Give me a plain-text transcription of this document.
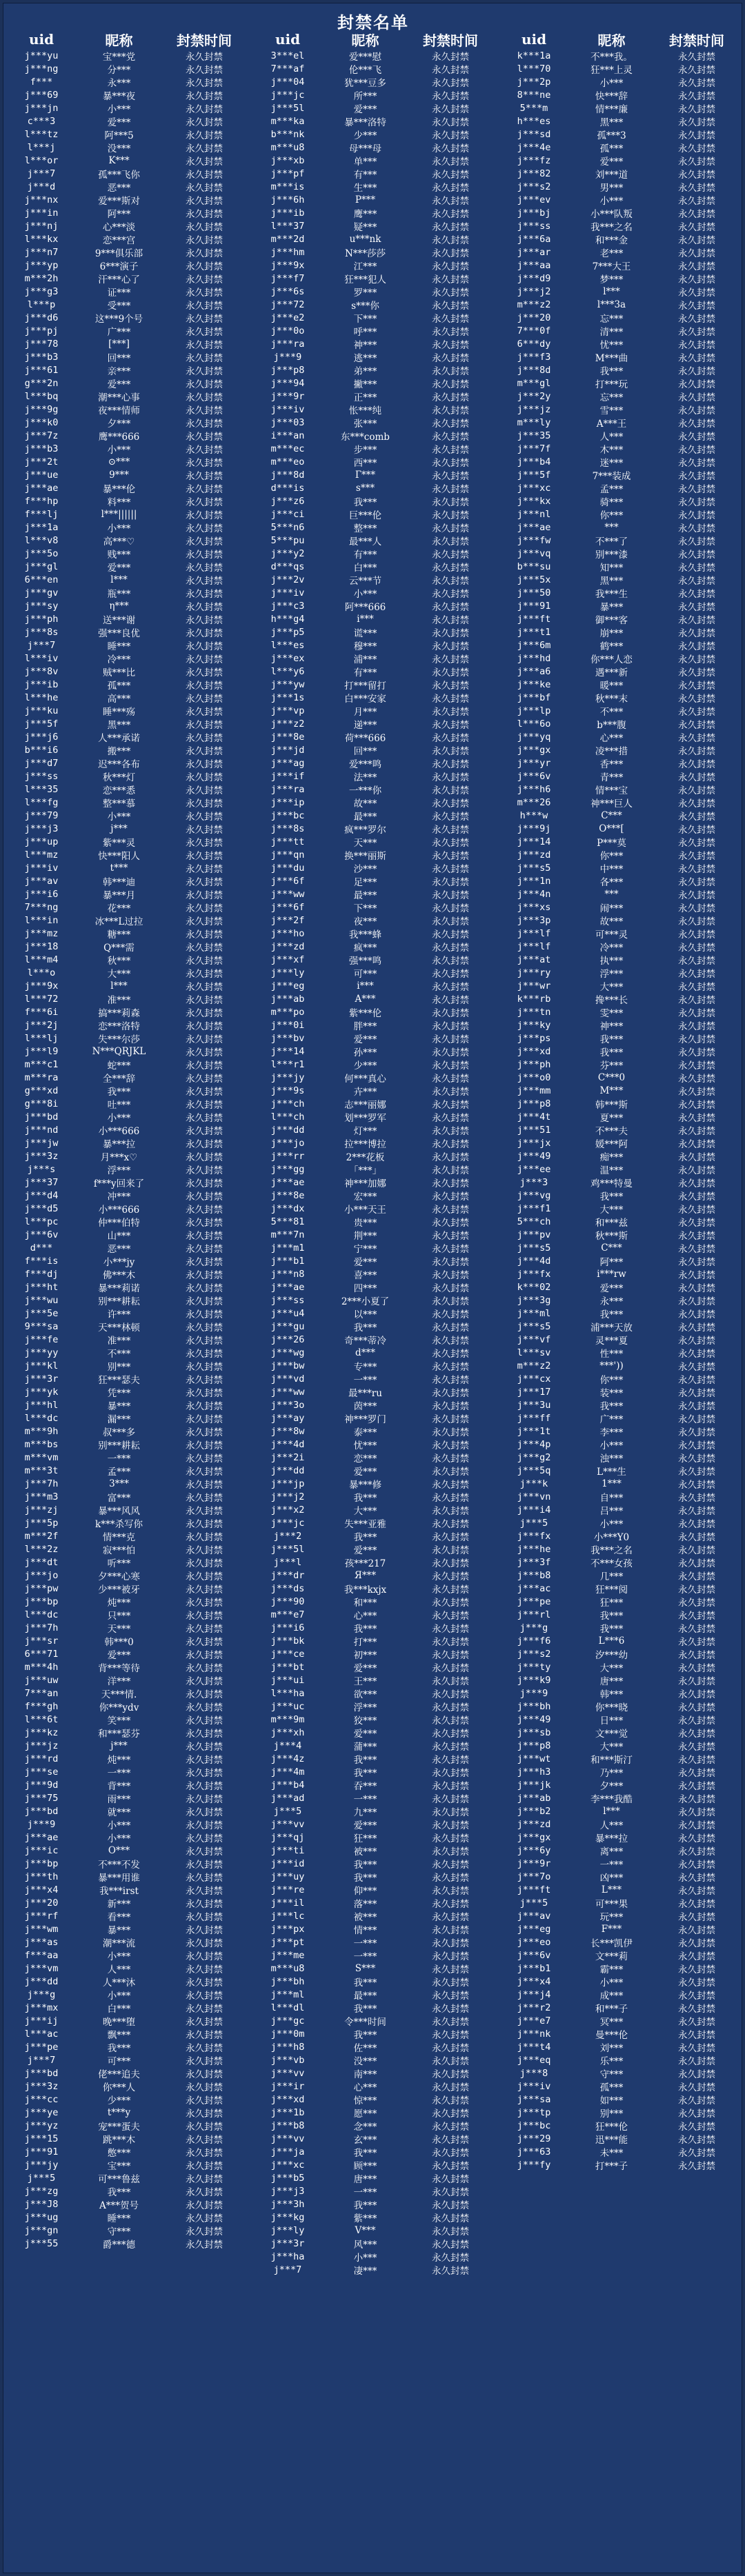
封禁名单
uid	昵称	封禁时间
j***yu	宝***党	永久封禁
j***ng	分***	永久封禁
f***	永***	永久封禁
j***69	暴***夜	永久封禁
j***jn	小***	永久封禁
c***3	爱***	永久封禁
l***tz	阿***5	永久封禁
l***j	没***	永久封禁
l***or	K***	永久封禁
j***7	孤***飞你	永久封禁
j***d	恶***	永久封禁
j***nx	爱***斯对	永久封禁
j***in	阿***	永久封禁
j***nj	心***淡	永久封禁
l***kx	恋***宫	永久封禁
j***n7	9***俱乐部	永久封禁
j***yp	6***演子	永久封禁
m***2h	汗***心了	永久封禁
j***g3	证***	永久封禁
l***p	受***	永久封禁
j***d6	这***9个号	永久封禁
j***pj	广***	永久封禁
j***78	[***]	永久封禁
j***b3	回***	永久封禁
j***61	亲***	永久封禁
g***2n	爱***	永久封禁
l***bq	潮***心事	永久封禁
j***9g	夜***情师	永久封禁
j***k0	夕***	永久封禁
j***7z	鹰***666	永久封禁
j***b3	小***	永久封禁
j***2t	⊙***	永久封禁
j***ue	9***	永久封禁
j***ae	暴***伦	永久封禁
f***hp	料***	永久封禁
f***lj	l***||||||	永久封禁
j***1a	小***	永久封禁
l***v8	高***♡	永久封禁
j***5o	贱***	永久封禁
j***gl	爱***	永久封禁
6***en	l***	永久封禁
j***gv	瓶***	永久封禁
j***sy	η***	永久封禁
j***ph	送***谢	永久封禁
j***8s	强***良优	永久封禁
j***7	睡***	永久封禁
l***iv	冷***	永久封禁
j***8v	贼***比	永久封禁
j***ib	孤***	永久封禁
l***he	高***	永久封禁
j***ku	睡***殇	永久封禁
j***5f	黑***	永久封禁
j***j6	人***承诺	永久封禁
b***i6	搬***	永久封禁
j***d7	迟***各布	永久封禁
j***ss	秋***灯	永久封禁
l***35	恋***悉	永久封禁
l***fg	整***慕	永久封禁
j***79	小***	永久封禁
j***j3	j***	永久封禁
j***up	紫***灵	永久封禁
l***mz	快***阳人	永久封禁
j***iv	t***	永久封禁
j***av	韩***迪	永久封禁
j***i6	暴***月	永久封禁
7***ng	花***	永久封禁
l***in	冰***L过拉	永久封禁
j***mz	糖***	永久封禁
j***18	Q***需	永久封禁
l***m4	秋***	永久封禁
l***o	大***	永久封禁
j***9x	l***	永久封禁
l***72	准***	永久封禁
f***6i	搞***莉森	永久封禁
j***2j	恋***洛特	永久封禁
l***lj	失***尔莎	永久封禁
j***l9	N***QRJKL	永久封禁
m***c1	蛇***	永久封禁
m***ra	全***辞	永久封禁
g***xd	我***	永久封禁
g***8i	吐***	永久封禁
j***bd	小***	永久封禁
j***nd	小***666	永久封禁
j***jw	暴***拉	永久封禁
j***3z	月***x♡	永久封禁
j***s	浮***	永久封禁
j***37	f***y回来了	永久封禁
j***d4	冲***	永久封禁
j***d5	小***666	永久封禁
l***pc	仲***伯特	永久封禁
j***6v	山***	永久封禁
d***	恶***	永久封禁
f***is	小***jy	永久封禁
f***dj	佛***木	永久封禁
j***ht	暴***莉诺	永久封禁
j***wu	别***耕耘	永久封禁
j***5e	许***	永久封禁
9***sa	天***林顿	永久封禁
j***fe	准***	永久封禁
j***yy	不***	永久封禁
j***kl	别***	永久封禁
j***3r	狂***瑟夫	永久封禁
j***yk	凭***	永久封禁
j***hl	暴***	永久封禁
l***dc	漏***	永久封禁
m***9h	叔***多	永久封禁
m***bs	别***耕耘	永久封禁
m***vm	一***	永久封禁
m***3t	孟***	永久封禁
j***7h	3***	永久封禁
j***m3	富***	永久封禁
j***zj	暴***风风	永久封禁
j***5p	k***杀写你	永久封禁
m***2f	情***克	永久封禁
l***2z	寂***怕	永久封禁
j***dt	听***	永久封禁
j***jo	夕***心寒	永久封禁
j***pw	少***被牙	永久封禁
j***bp	炖***	永久封禁
l***dc	只***	永久封禁
j***7h	天***	永久封禁
j***sr	韩***0	永久封禁
6***71	爱***	永久封禁
m***4h	背***等待	永久封禁
j***uw	洋***	永久封禁
7***an	天***情.	永久封禁
f***gh	你***ydv	永久封禁
l***6t	笑***	永久封禁
j***kz	和***瑟芬	永久封禁
j***jz	j***	永久封禁
j***rd	炖***	永久封禁
j***se	一***	永久封禁
j***9d	背***	永久封禁
j***75	雨***	永久封禁
j***bd	就***	永久封禁
j***9	小***	永久封禁
j***ae	小***	永久封禁
j***ic	O***	永久封禁
j***bp	不***不发	永久封禁
j***th	暴***用谁	永久封禁
j***x4	我***irst	永久封禁
j***20	新***	永久封禁
j***rf	看***	永久封禁
j***wm	暴***	永久封禁
j***as	潮***流	永久封禁
f***aa	小***	永久封禁
j***vm	人***	永久封禁
j***dd	人***沐	永久封禁
j***g	小***	永久封禁
j***mx	白***	永久封禁
j***ij	晚***堕	永久封禁
l***ac	飘***	永久封禁
j***pe	我***	永久封禁
j***7	可***	永久封禁
j***bd	佬***追夫	永久封禁
j***3z	你***人	永久封禁
j***cc	少***	永久封禁
j***ye	t***y	永久封禁
j***yz	宠***蛋夫	永久封禁
j***15	跳***木	永久封禁
j***91	憋***	永久封禁
j***jy	宝***	永久封禁
j***5	可***鲁兹	永久封禁
j***zg	我***	永久封禁
j***J8	A***贺号	永久封禁
j***ug	睡***	永久封禁
j***gn	守***	永久封禁
j***55	爵***德	永久封禁
uid	昵称	封禁时间
3***el	爱***慰	永久封禁
7***af	伦***飞	永久封禁
j***04	犹***豆多	永久封禁
j***jc	所***	永久封禁
j***5l	爱***	永久封禁
m***ka	暴***洛特	永久封禁
b***nk	少***	永久封禁
m***u8	母***母	永久封禁
j***xb	单***	永久封禁
j***pf	有***	永久封禁
m***is	生***	永久封禁
j***6h	P***	永久封禁
j***ib	鹰***	永久封禁
l***37	疑***	永久封禁
m***2d	u***nk	永久封禁
j***hm	N***莎莎	永久封禁
j***9x	江***	永久封禁
j***f7	狂***犯人	永久封禁
j***6s	罗***	永久封禁
j***72	s***你	永久封禁
j***e2	下***	永久封禁
j***0o	呼***	永久封禁
j***ra	神***	永久封禁
j***9	逃***	永久封禁
j***p8	弟***	永久封禁
j***94	撇***	永久封禁
j***9r	正***	永久封禁
j***iv	怅***纯	永久封禁
j***03	张***	永久封禁
i***an	东***comb	永久封禁
m***ec	步***	永久封禁
m***eo	西***	永久封禁
j***8d	Г***	永久封禁
d***is	s***	永久封禁
j***z6	我***	永久封禁
j***ci	巨***伦	永久封禁
5***n6	整***	永久封禁
5***pu	最***人	永久封禁
j***y2	有***	永久封禁
d***qs	白***	永久封禁
j***2v	云***节	永久封禁
j***iv	小***	永久封禁
j***c3	阿***666	永久封禁
h***g4	i***	永久封禁
j***p5	谎***	永久封禁
l***es	穆***	永久封禁
j***ex	浦***	永久封禁
l***y6	有***	永久封禁
j***yw	打***留打	永久封禁
j***1s	白***安家	永久封禁
j***vp	月***	永久封禁
j***z2	递***	永久封禁
j***8e	荷***666	永久封禁
j***jd	回***	永久封禁
j***ag	爱***鸣	永久封禁
j***if	法***	永久封禁
j***ra	一***你	永久封禁
j***ip	故***	永久封禁
j***bc	最***	永久封禁
j***8s	疯***罗尔	永久封禁
j***tt	天***	永久封禁
j***qn	换***丽斯	永久封禁
j***du	沙***	永久封禁
j***6f	足***	永久封禁
j***ww	最***	永久封禁
j***6f	下***	永久封禁
j***2f	夜***	永久封禁
j***ho	我***蜂	永久封禁
j***zd	疯***	永久封禁
j***xf	强***鸣	永久封禁
j***ly	可***	永久封禁
j***eg	i***	永久封禁
j***ab	A***	永久封禁
m***po	紫***伦	永久封禁
j***0i	胖***	永久封禁
j***bv	爱***	永久封禁
j***14	孙***	永久封禁
l***r1	少***	永久封禁
j***jy	何***真心	永久封禁
j***9s	卉***	永久封禁
j***ch	志***丽娜	永久封禁
l***ch	划***罗军	永久封禁
j***dd	灯***	永久封禁
j***jo	拉***博拉	永久封禁
j***rr	2***花板	永久封禁
j***gg	「***」	永久封禁
j***ae	神***加娜	永久封禁
j***8e	宏***	永久封禁
j***dx	小***天王	永久封禁
5***81	贵***	永久封禁
m***7n	荆***	永久封禁
j***m1	宁***	永久封禁
j***b1	爱***	永久封禁
j***n8	喜***	永久封禁
j***ae	四***	永久封禁
j***ss	2***小夏了	永久封禁
j***u4	以***	永久封禁
j***gu	我***	永久封禁
j***26	奇***蒂冷	永久封禁
j***wg	d***	永久封禁
j***bw	专***	永久封禁
j***vd	一***	永久封禁
j***ww	最***ru	永久封禁
j***3o	茵***	永久封禁
j***ay	神***罗门	永久封禁
j***8w	泰***	永久封禁
j***4d	忧***	永久封禁
j***2i	恋***	永久封禁
j***dd	爱***	永久封禁
j***jp	暴***修	永久封禁
j***j2	我***	永久封禁
j***x2	大***	永久封禁
j***jc	失***亚雅	永久封禁
j***2	我***	永久封禁
j***5l	爱***	永久封禁
j***l	孩***217	永久封禁
j***dr	Я***	永久封禁
j***ds	我***kxjx	永久封禁
j***90	和***	永久封禁
m***e7	心***	永久封禁
j***i6	我***	永久封禁
j***bk	打***	永久封禁
j***ce	初***	永久封禁
j***bt	爱***	永久封禁
j***ui	王***	永久封禁
l***ha	欲***	永久封禁
j***uc	浮***	永久封禁
m***9m	狡***	永久封禁
j***xh	爱***	永久封禁
j***4	蒲***	永久封禁
j***4z	我***	永久封禁
j***4m	我***	永久封禁
j***b4	吞***	永久封禁
j***ad	一***	永久封禁
j***5	九***	永久封禁
j***vv	爱***	永久封禁
j***qj	狂***	永久封禁
j***ti	被***	永久封禁
j***id	我***	永久封禁
j***uy	我***	永久封禁
j***re	仰***	永久封禁
j***il	落***	永久封禁
j***lc	被***	永久封禁
j***px	情***	永久封禁
j***pt	一***	永久封禁
j***me	一***	永久封禁
m***u8	S***	永久封禁
j***bh	我***	永久封禁
j***ml	最***	永久封禁
l***dl	我***	永久封禁
j***gc	令***时间	永久封禁
j***0m	我***	永久封禁
j***h8	佐***	永久封禁
j***vb	没***	永久封禁
j***vv	南***	永久封禁
j***ir	心***	永久封禁
j***xd	惊***	永久封禁
j***1b	愿***	永久封禁
j***b8	念***	永久封禁
j***vv	玄***	永久封禁
j***ja	我***	永久封禁
j***xc	顾***	永久封禁
j***b5	唐***	永久封禁
j***j3	一***	永久封禁
j***3h	我***	永久封禁
j***kg	紫***	永久封禁
j***ly	V***	永久封禁
j***3r	风***	永久封禁
j***ha	小***	永久封禁
j***7	凄***	永久封禁
uid	昵称	封禁时间
k***1a	不***我。	永久封禁
l***70	狂***上灵	永久封禁
j***2p	小***	永久封禁
8***ne	快***辞	永久封禁
5***m	情***廉	永久封禁
h***es	黑***	永久封禁
j***sd	孤***3	永久封禁
j***4e	孤***	永久封禁
j***fz	爱***	永久封禁
j***82	刘***道	永久封禁
j***s2	男***	永久封禁
j***ev	小***	永久封禁
j***bj	小***队叛	永久封禁
j***ss	我***之名	永久封禁
j***6a	和***金	永久封禁
j***ar	老***	永久封禁
j***aa	7***大王	永久封禁
j***d9	梦***	永久封禁
j***j2	l***	永久封禁
m***z2	l***3a	永久封禁
j***20	忘***	永久封禁
7***0f	清***	永久封禁
6***dy	忧***	永久封禁
j***f3	M***曲	永久封禁
j***8d	我***	永久封禁
m***gl	打***玩	永久封禁
j***2y	忘***	永久封禁
j***jz	雪***	永久封禁
m***ly	A***王	永久封禁
j***35	人***	永久封禁
j***7f	木***	永久封禁
j***b4	迷***	永久封禁
j***5f	7***装成	永久封禁
j***xc	孟***	永久封禁
j***kx	骑***	永久封禁
j***nl	你***	永久封禁
j***ae	***	永久封禁
j***fw	不***了	永久封禁
j***vq	别***漆	永久封禁
b***su	知***	永久封禁
j***5x	黑***	永久封禁
j***50	我***生	永久封禁
j***91	暴***	永久封禁
j***ft	御***客	永久封禁
j***t1	崩***	永久封禁
j***6m	鹤***	永久封禁
j***hd	你***人恋	永久封禁
j***a6	遇***新	永久封禁
j***ke	暖***	永久封禁
j***bf	秋***末	永久封禁
j***lp	不***	永久封禁
l***6o	b***腹	永久封禁
j***yq	心***	永久封禁
j***gx	凌***措	永久封禁
j***yr	香***	永久封禁
j***6v	青***	永久封禁
j***h6	情***宝	永久封禁
m***26	神***巨人	永久封禁
h***w	C***	永久封禁
j***9j	O***[	永久封禁
j***14	P***莫	永久封禁
j***zd	你***	永久封禁
j***s5	中***	永久封禁
j***1n	各***	永久封禁
j***4n	***	永久封禁
j***xs	闹***	永久封禁
j***3p	故***	永久封禁
j***lf	可***灵	永久封禁
j***lf	冷***	永久封禁
j***at	执***	永久封禁
j***ry	浮***	永久封禁
j***wr	大***	永久封禁
k***rb	搀***长	永久封禁
j***tn	雯***	永久封禁
j***ky	神***	永久封禁
j***ps	我***	永久封禁
j***xd	我***	永久封禁
j***ph	芬***	永久封禁
j***o0	C***0	永久封禁
j***mm	M***	永久封禁
j***p8	韩***斯	永久封禁
j***4t	夏***	永久封禁
j***51	不***夫	永久封禁
j***jx	媛***阿	永久封禁
j***49	痴***	永久封禁
j***ee	温***	永久封禁
j***3	鸡***特曼	永久封禁
j***vg	我***	永久封禁
j***f1	大***	永久封禁
5***ch	和***兹	永久封禁
j***pv	秋***斯	永久封禁
j***s5	C***	永久封禁
j***4d	阿***	永久封禁
j***fx	i***rw	永久封禁
k***02	爱***	永久封禁
j***3g	永***	永久封禁
j***ml	我***	永久封禁
j***s5	浦***天放	永久封禁
j***vf	灵***夏	永久封禁
l***sv	性***	永久封禁
m***z2	***'))	永久封禁
j***cx	你***	永久封禁
j***17	装***	永久封禁
j***3u	我***	永久封禁
j***ff	广***	永久封禁
j***1t	李***	永久封禁
j***4p	小***	永久封禁
j***g2	浊***	永久封禁
j***5q	L***生	永久封禁
j***k	1***	永久封禁
j***vn	自***	永久封禁
j***i4	吕***	永久封禁
j***5	小***	永久封禁
j***fx	小***Y0	永久封禁
j***he	我***之名	永久封禁
j***3f	不***女孩	永久封禁
j***b8	几***	永久封禁
j***ac	狂***阅	永久封禁
j***pe	狂***	永久封禁
j***rl	我***	永久封禁
j***g	我***	永久封禁
j***f6	L***6	永久封禁
j***s2	汐***幼	永久封禁
j***ty	大***	永久封禁
j***k9	唐***	永久封禁
j***9	韩***	永久封禁
j***bh	你***晓	永久封禁
j***49	日***	永久封禁
j***sb	文***觉	永久封禁
j***p8	大***	永久封禁
j***wt	和***斯汀	永久封禁
j***h3	乃***	永久封禁
j***jk	夕***	永久封禁
j***ab	李***我酷	永久封禁
j***b2	l***	永久封禁
j***zd	人***	永久封禁
j***gx	暴***拉	永久封禁
j***6y	离***	永久封禁
j***9r	一***	永久封禁
j***7o	凶***	永久封禁
j***ft	L***	永久封禁
j***5	可***果	永久封禁
j***av	玩***	永久封禁
j***eg	F***	永久封禁
j***eo	长***凯伊	永久封禁
j***6v	文***莉	永久封禁
j***b1	霸***	永久封禁
j***x4	小***	永久封禁
j***j4	成***	永久封禁
j***r2	和***子	永久封禁
j***e7	冥***	永久封禁
j***nk	曼***伦	永久封禁
j***t4	刘***	永久封禁
j***eq	乐***	永久封禁
j***8	守***	永久封禁
j***iv	孤***	永久封禁
j***sa	如***	永久封禁
j***tp	别***	永久封禁
j***bc	狂***伦	永久封禁
j***29	迅***能	永久封禁
j***63	未***	永久封禁
j***fy	打***子	永久封禁
